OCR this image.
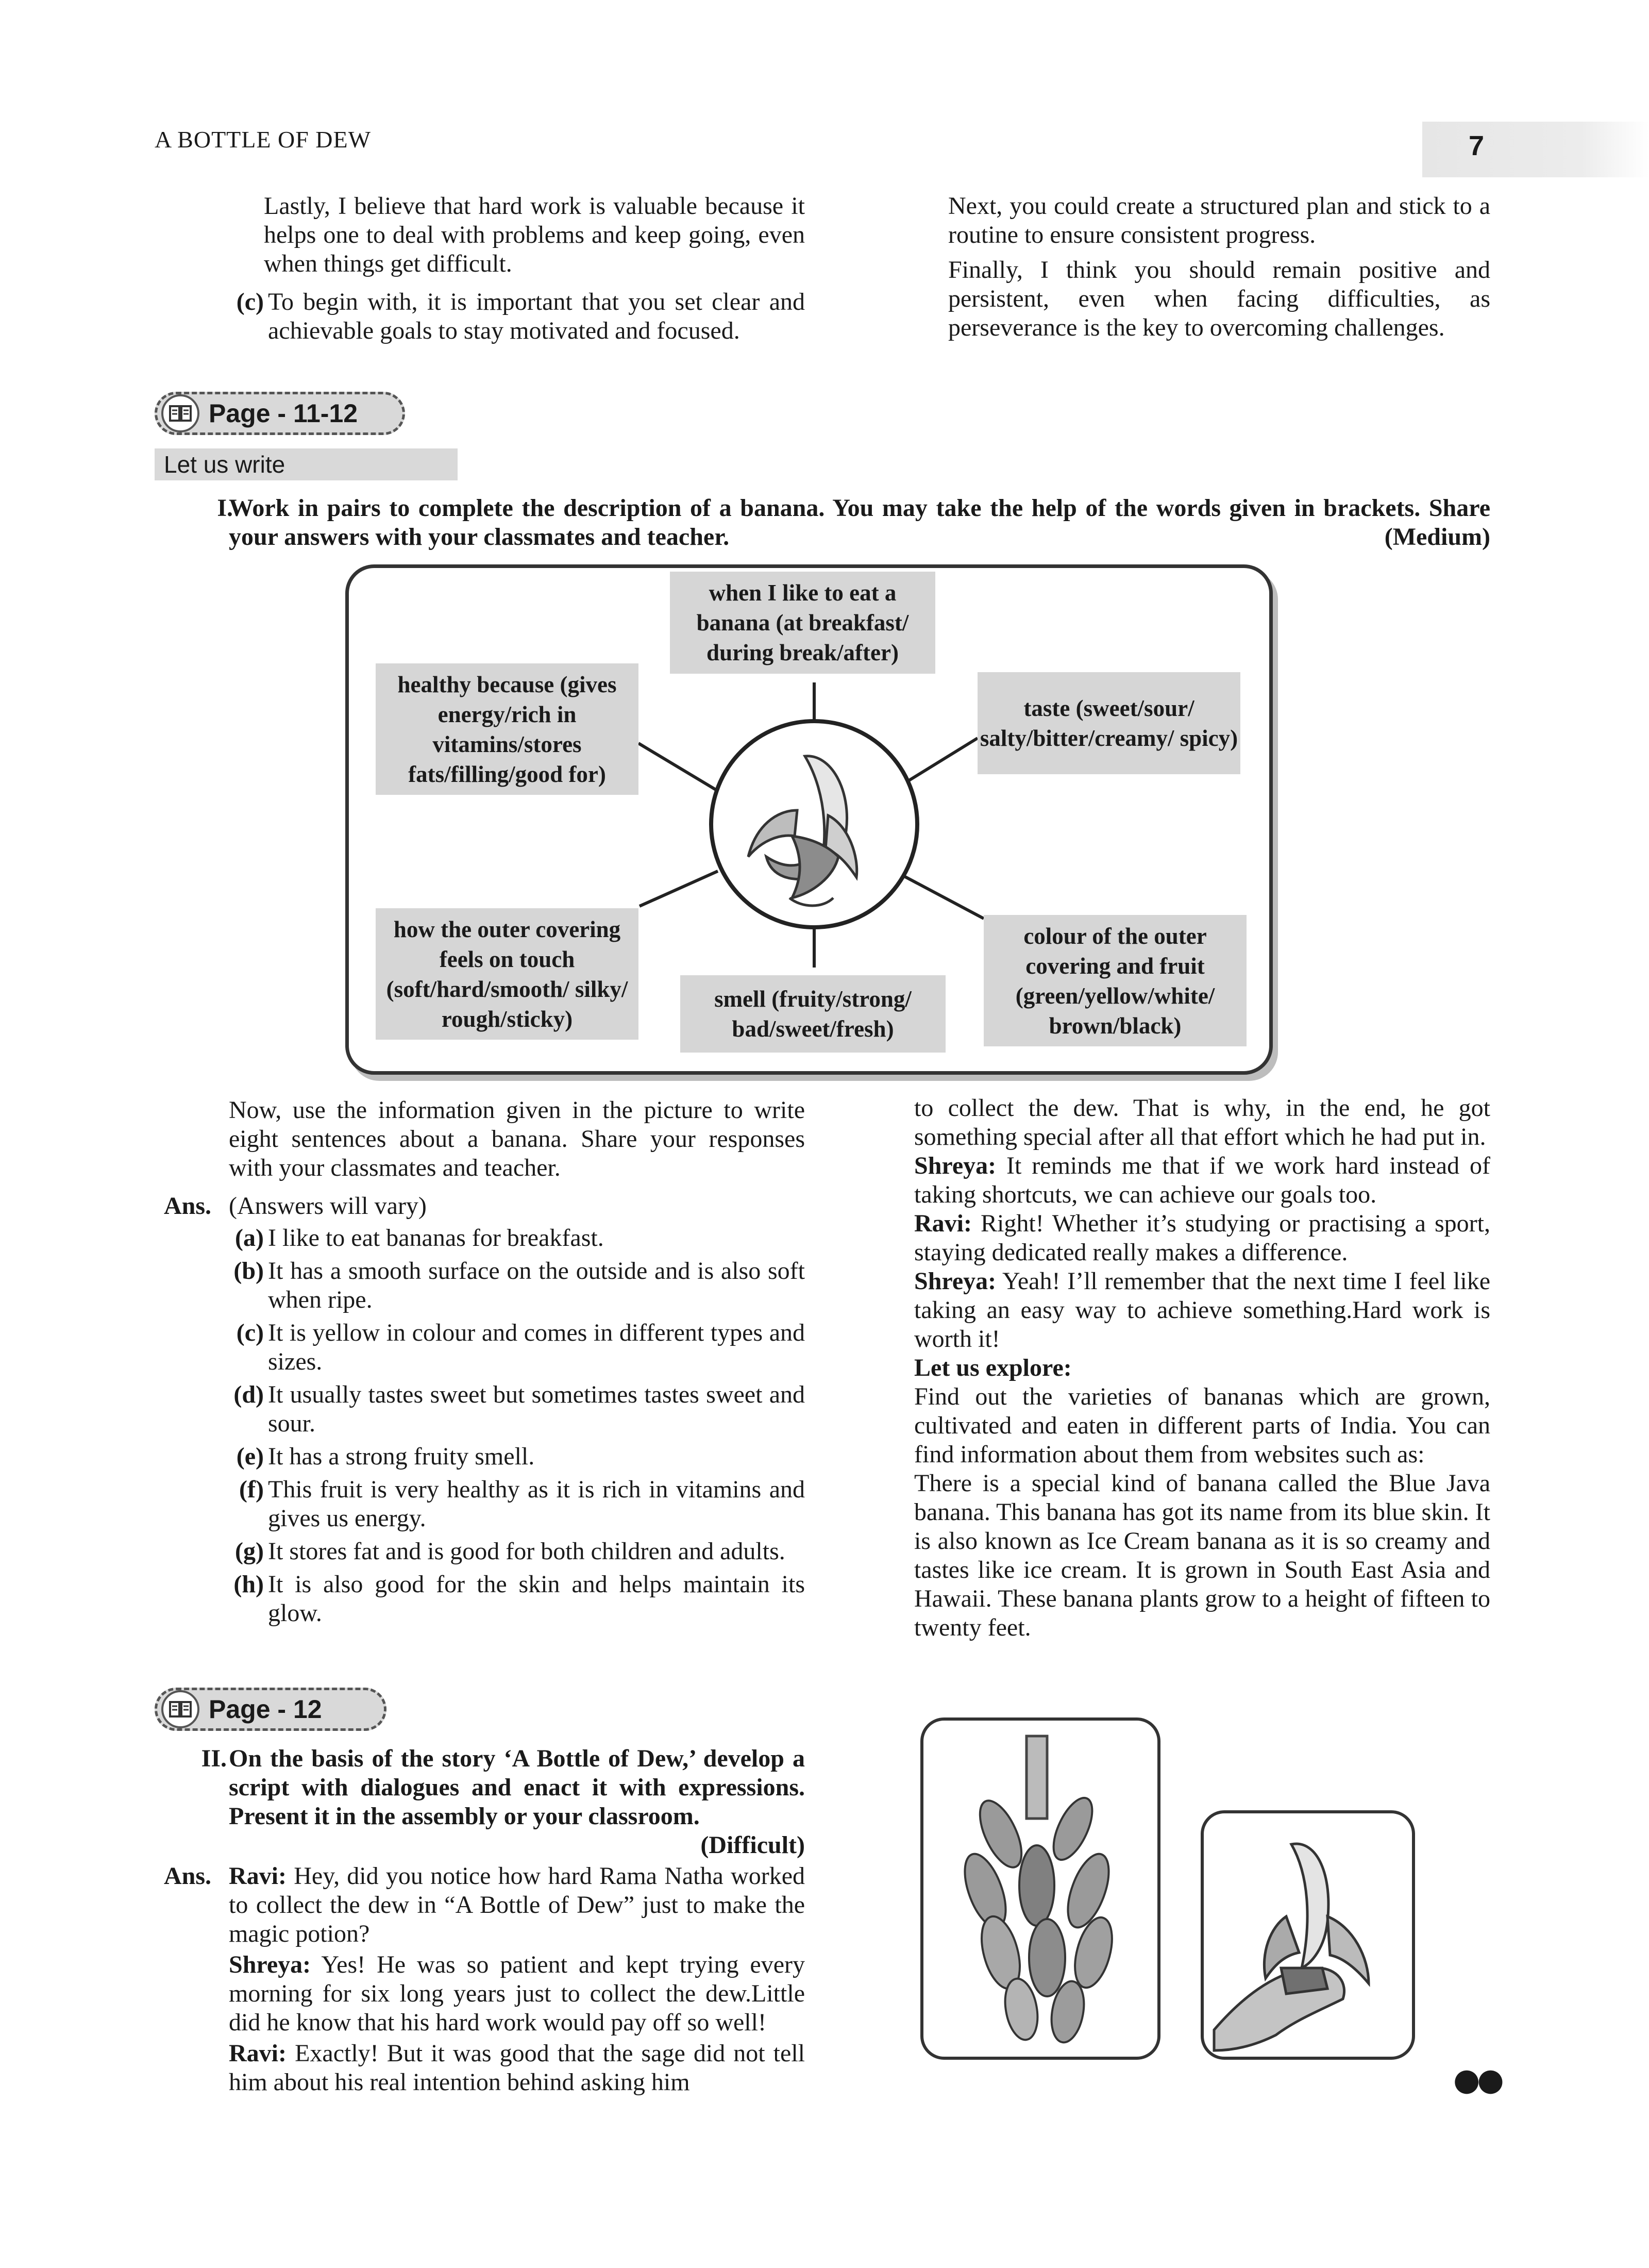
A BOTTLE OF DEW	7
Lastly, I believe that hard work is valuable because it helps one to deal with problems and keep going, even when things get difficult.
(c) To begin with, it is important that you set clear and achievable goals to stay motivated and focused.
Next, you could create a structured plan and stick to a routine to ensure consistent progress.
Finally, I think you should remain positive and persistent, even when facing difficulties, as perseverance is the key to overcoming challenges.
Page - 11-12
Let us write
I.
Work in pairs to complete the description of a banana. You may take the help of the words given in brackets. Share your answers with your classmates and teacher.	(Medium)
when I like to eat a banana (at breakfast/ during break/after)
healthy because (gives energy/rich in vitamins/stores fats/filling/good for)
taste (sweet/sour/ salty/bitter/creamy/ spicy)
how the outer covering feels on touch (soft/hard/smooth/ silky/ rough/sticky)
smell (fruity/strong/ bad/sweet/fresh)
colour of the outer covering and fruit (green/yellow/white/ brown/black)
Now, use the information given in the picture to write eight sentences about a banana. Share your responses with your classmates and teacher.
Ans. (Answers will vary)
(a) I like to eat bananas for breakfast.
(b) It has a smooth surface on the outside and is also soft when ripe.
(c) It is yellow in colour and comes in different types and sizes.
(d) It usually tastes sweet but sometimes tastes sweet and sour.
(e) It has a strong fruity smell.
(f) This fruit is very healthy as it is rich in vitamins and gives us energy.
(g) It stores fat and is good for both children and adults.
(h) It is also good for the skin and helps maintain its glow.
Page - 12
II. On the basis of the story ‘A Bottle of Dew,’ develop a script with dialogues and enact it with expressions. Present it in the assembly or your classroom.
(Difficult)
Ans. Ravi: Hey, did you notice how hard Rama Natha worked to collect the dew in “A Bottle of Dew” just to make the magic potion?

Shreya: Yes! He was so patient and kept trying every morning for six long years just to collect the dew.Little did he know that his hard work would pay off so well!

Ravi: Exactly! But it was good that the sage did not tell him about his real intention behind asking him

to collect the dew. That is why, in the end, he got something special after all that effort which he had put in.

Shreya: It reminds me that if we work hard instead of taking shortcuts, we can achieve our goals too.

Ravi: Right! Whether it’s studying or practising a sport, staying dedicated really makes a difference.

Shreya: Yeah! I’ll remember that the next time I feel like taking an easy way to achieve something.Hard work is worth it!

Let us explore:

Find out the varieties of bananas which are grown, cultivated and eaten in different parts of India. You can find information about them from websites such as:

There is a special kind of banana called the Blue Java banana. This banana has got its name from its blue skin. It is also known as Ice Cream banana as it is so creamy and tastes like ice cream. It is grown in South East Asia and Hawaii. These banana plants grow to a height of fifteen to twenty feet.

●●
